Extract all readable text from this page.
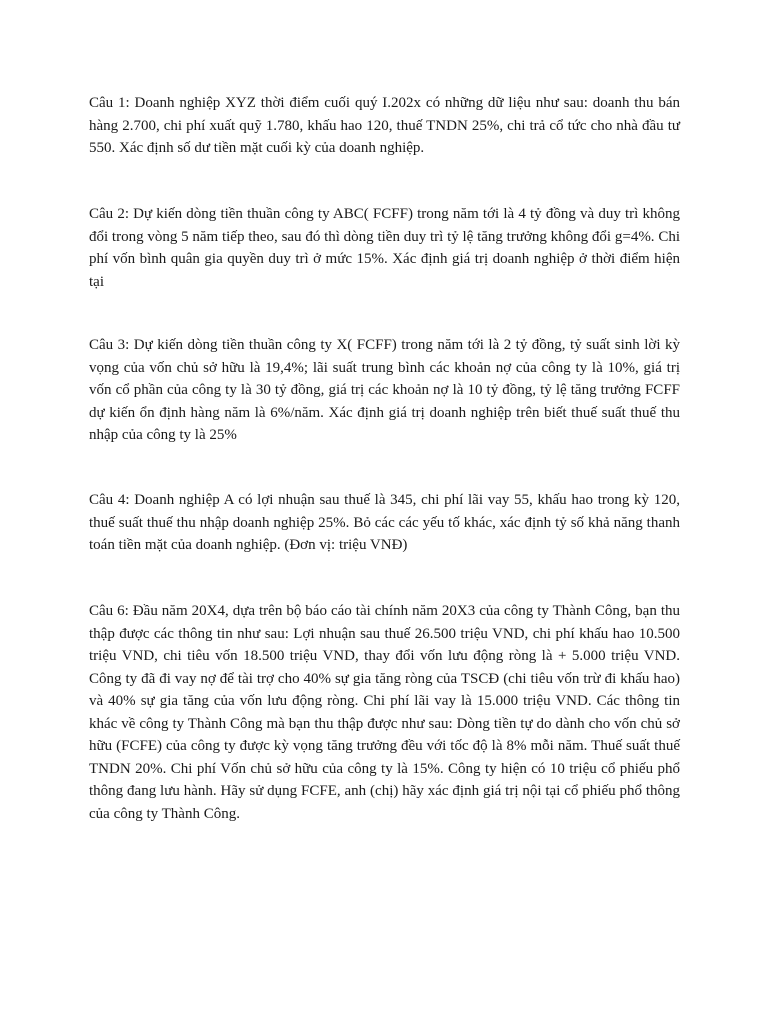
Câu 1: Doanh nghiệp XYZ thời điểm cuối quý I.202x có những dữ liệu như sau: doanh thu bán hàng 2.700, chi phí xuất quỹ 1.780, khấu hao 120, thuế TNDN 25%, chi trả cổ tức cho nhà đầu tư 550. Xác định số dư tiền mặt cuối kỳ của doanh nghiệp.

Câu 2: Dự kiến dòng tiền thuần công ty ABC( FCFF) trong năm tới là 4 tỷ đồng và duy trì không đổi trong vòng 5 năm tiếp theo, sau đó thì dòng tiền duy trì tỷ lệ tăng trưởng không đổi g=4%. Chi phí vốn bình quân gia quyền duy trì ở mức 15%. Xác định giá trị doanh nghiệp ở thời điểm hiện tại

Câu 3: Dự kiến dòng tiền thuần công ty X( FCFF) trong năm tới là 2 tỷ đồng, tỷ suất sinh lời kỳ vọng của vốn chủ sở hữu là 19,4%; lãi suất trung bình các khoản nợ của công ty là 10%, giá trị vốn cổ phần của công ty là 30 tỷ đồng, giá trị các khoản nợ là 10 tỷ đồng, tỷ lệ tăng trưởng FCFF dự kiến ổn định hàng năm là 6%/năm. Xác định giá trị doanh nghiệp trên biết thuế suất thuế thu nhập của công ty là 25%

Câu 4: Doanh nghiệp A có lợi nhuận sau thuế là 345, chi phí lãi vay 55, khấu hao trong kỳ 120, thuế suất thuế thu nhập doanh nghiệp 25%. Bỏ các các yếu tố khác, xác định tỷ số khả năng thanh toán tiền mặt của doanh nghiệp. (Đơn vị: triệu VNĐ)

Câu 6: Đầu năm 20X4, dựa trên bộ báo cáo tài chính năm 20X3 của công ty Thành Công, bạn thu thập được các thông tin như sau: Lợi nhuận sau thuế 26.500 triệu VND, chi phí khấu hao 10.500 triệu VND, chi tiêu vốn 18.500 triệu VND, thay đổi vốn lưu động ròng là + 5.000 triệu VND. Công ty đã đi vay nợ để tài trợ cho 40% sự gia tăng ròng của TSCĐ (chi tiêu vốn trừ đi khấu hao) và 40% sự gia tăng của vốn lưu động ròng. Chi phí lãi vay là 15.000 triệu VND. Các thông tin khác về công ty Thành Công mà bạn thu thập được như sau: Dòng tiền tự do dành cho vốn chủ sở hữu (FCFE) của công ty được kỳ vọng tăng trưởng đều với tốc độ là 8% mỗi năm. Thuế suất thuế TNDN 20%. Chi phí Vốn chủ sở hữu của công ty là 15%. Công ty hiện có 10 triệu cổ phiếu phổ thông đang lưu hành. Hãy sử dụng FCFE, anh (chị) hãy xác định giá trị nội tại cổ phiếu phổ thông của công ty Thành Công.
